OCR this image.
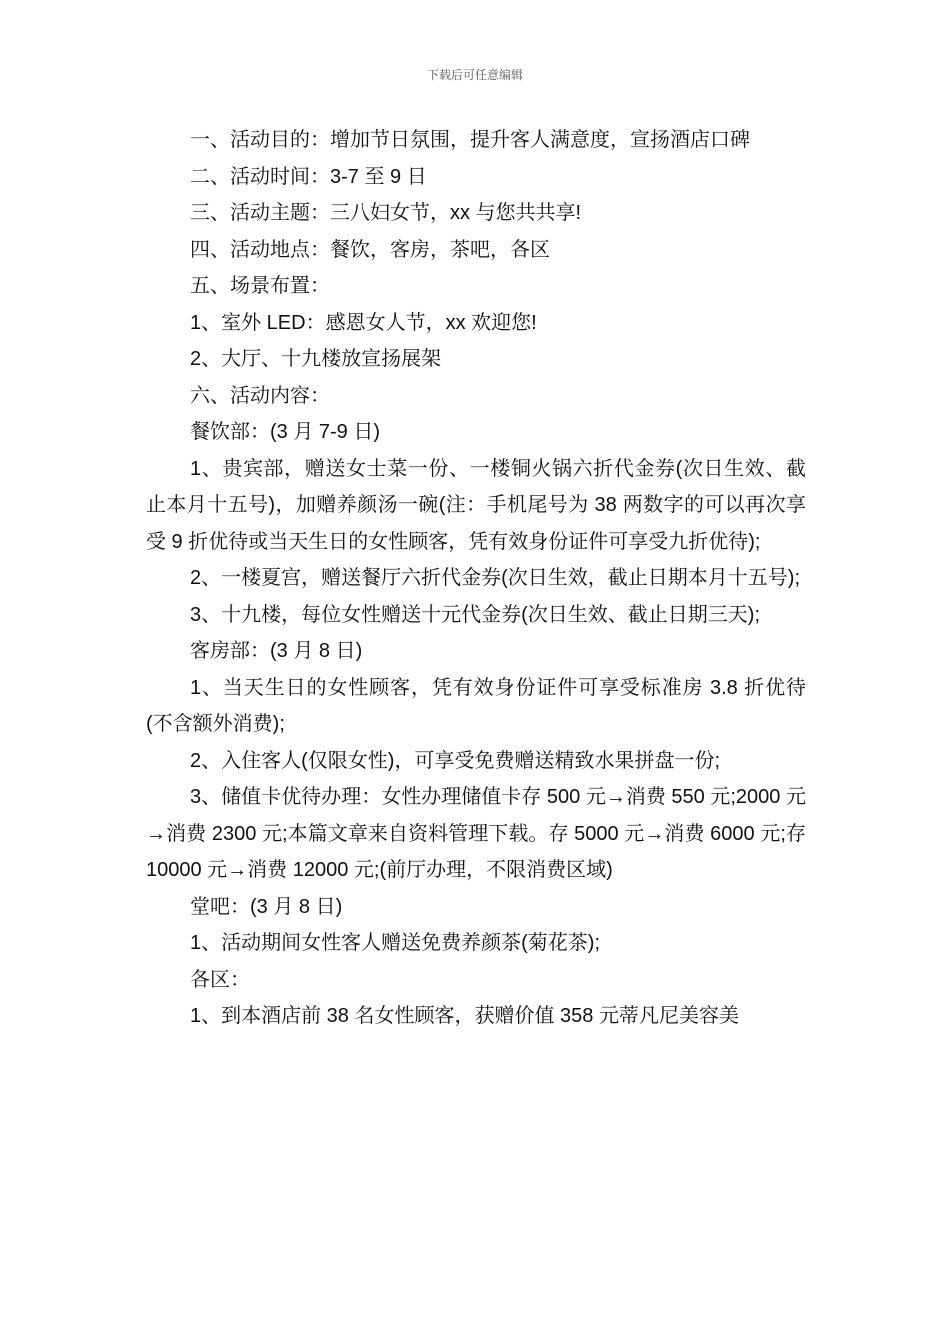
下载后可任意编辑

一、活动目的：增加节日氛围，提升客人满意度，宣扬酒店口碑

二、活动时间：3-7 至 9 日

三、活动主题：三八妇女节，xx 与您共共享!

四、活动地点：餐饮，客房，茶吧，各区

五、场景布置：

1、室外 LED：感恩女人节，xx 欢迎您!

2、大厅、十九楼放宣扬展架

六、活动内容：

餐饮部：(3 月 7-9 日)

1、贵宾部，赠送女士菜一份、一楼铜火锅六折代金券(次日生效、截止本月十五号)，加赠养颜汤一碗(注：手机尾号为 38 两数字的可以再次享受 9 折优待或当天生日的女性顾客，凭有效身份证件可享受九折优待);

2、一楼夏宫，赠送餐厅六折代金券(次日生效，截止日期本月十五号);

3、十九楼，每位女性赠送十元代金券(次日生效、截止日期三天);

客房部：(3 月 8 日)

1、当天生日的女性顾客，凭有效身份证件可享受标准房 3.8 折优待(不含额外消费);

2、入住客人(仅限女性)，可享受免费赠送精致水果拼盘一份;

3、储值卡优待办理：女性办理储值卡存 500 元→消费 550 元;2000 元→消费 2300 元;本篇文章来自资料管理下载。存 5000 元→消费 6000 元;存 10000 元→消费 12000 元;(前厅办理，不限消费区域)

堂吧：(3 月 8 日)

1、活动期间女性客人赠送免费养颜茶(菊花茶);

各区：

1、到本酒店前 38 名女性顾客，获赠价值 358 元蒂凡尼美容美
